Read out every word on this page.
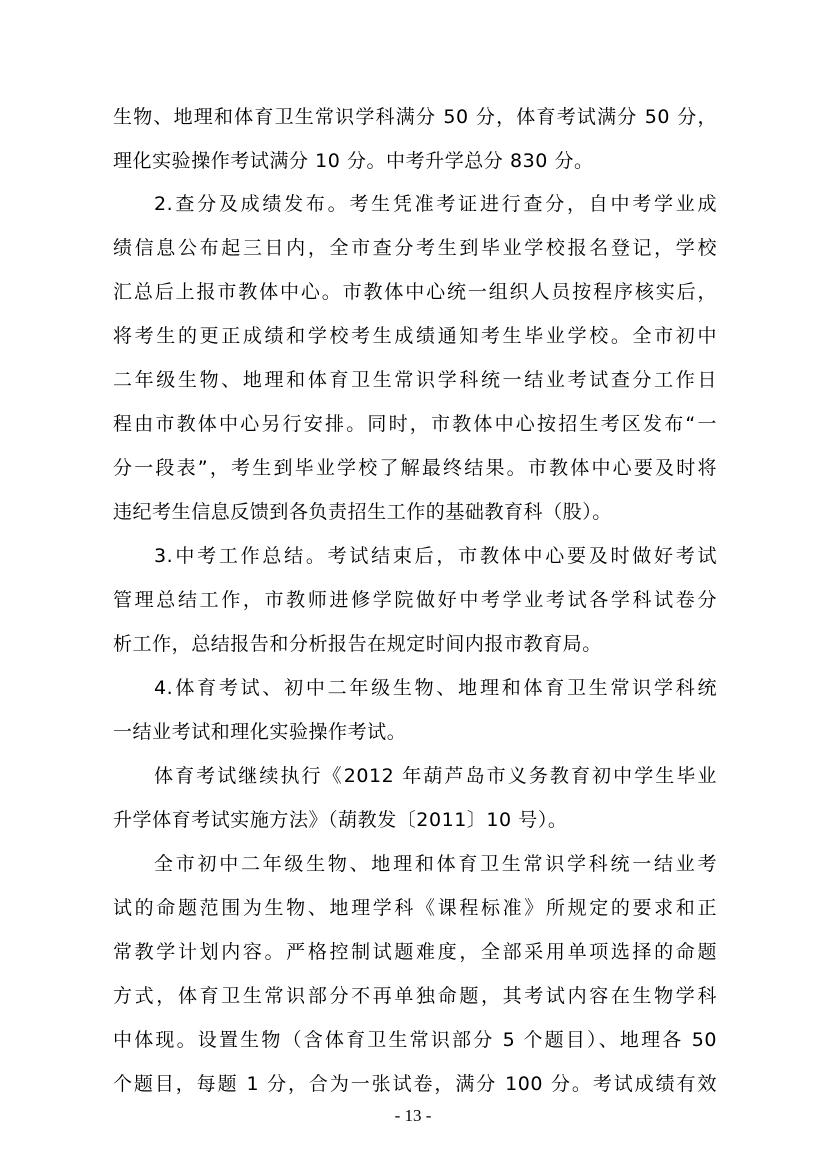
生物、地理和体育卫生常识学科满分 50 分，体育考试满分 50 分，
理化实验操作考试满分 10 分。中考升学总分 830 分。
2.查分及成绩发布。考生凭准考证进行查分，自中考学业成
绩信息公布起三日内，全市查分考生到毕业学校报名登记，学校
汇总后上报市教体中心。市教体中心统一组织人员按程序核实后，
将考生的更正成绩和学校考生成绩通知考生毕业学校。全市初中
二年级生物、地理和体育卫生常识学科统一结业考试查分工作日
程由市教体中心另行安排。同时，市教体中心按招生考区发布“一
分一段表”，考生到毕业学校了解最终结果。市教体中心要及时将
违纪考生信息反馈到各负责招生工作的基础教育科（股）。
3.中考工作总结。考试结束后，市教体中心要及时做好考试
管理总结工作，市教师进修学院做好中考学业考试各学科试卷分
析工作，总结报告和分析报告在规定时间内报市教育局。
4.体育考试、初中二年级生物、地理和体育卫生常识学科统
一结业考试和理化实验操作考试。
体育考试继续执行《2012 年葫芦岛市义务教育初中学生毕业
升学体育考试实施方法》（葫教发〔2011〕10 号）。
全市初中二年级生物、地理和体育卫生常识学科统一结业考
试的命题范围为生物、地理学科《课程标准》所规定的要求和正
常教学计划内容。严格控制试题难度，全部采用单项选择的命题
方式，体育卫生常识部分不再单独命题，其考试内容在生物学科
中体现。设置生物（含体育卫生常识部分 5 个题目）、地理各 50
个题目，每题 1 分，合为一张试卷，满分 100 分。考试成绩有效
- 13 -
